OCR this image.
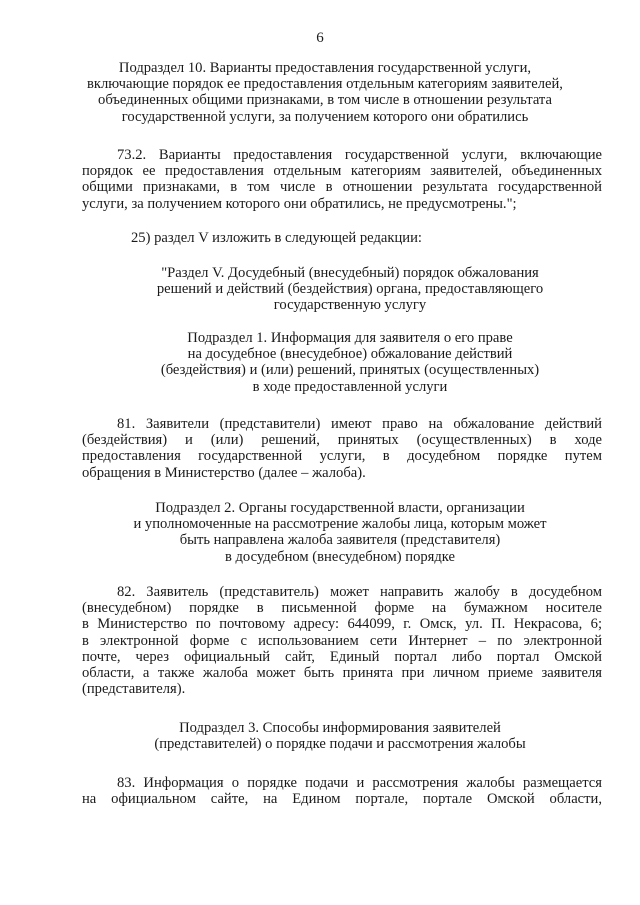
6
Подраздел 10. Варианты предоставления государственной услуги,
включающие порядок ее предоставления отдельным категориям заявителей,
объединенных общими признаками, в том числе в отношении результата
государственной услуги, за получением которого они обратились
73.2. Варианты предоставления государственной услуги, включающие
порядок ее предоставления отдельным категориям заявителей, объединенных
общими признаками, в том числе в отношении результата государственной
услуги, за получением которого они обратились, не предусмотрены.";
25) раздел V изложить в следующей редакции:
"Раздел V. Досудебный (внесудебный) порядок обжалования
решений и действий (бездействия) органа, предоставляющего
государственную услугу
Подраздел 1. Информация для заявителя о его праве
на досудебное (внесудебное) обжалование действий
(бездействия) и (или) решений, принятых (осуществленных)
в ходе предоставленной услуги
81. Заявители (представители) имеют право на обжалование действий
(бездействия) и (или) решений, принятых (осуществленных) в ходе
предоставления государственной услуги, в досудебном порядке путем
обращения в Министерство (далее – жалоба).
Подраздел 2. Органы государственной власти, организации
и уполномоченные на рассмотрение жалобы лица, которым может
быть направлена жалоба заявителя (представителя)
в досудебном (внесудебном) порядке
82. Заявитель (представитель) может направить жалобу в досудебном
(внесудебном) порядке в письменной форме на бумажном носителе
в Министерство по почтовому адресу: 644099, г. Омск, ул. П. Некрасова, 6;
в электронной форме с использованием сети Интернет – по электронной
почте, через официальный сайт, Единый портал либо портал Омской
области, а также жалоба может быть принята при личном приеме заявителя
(представителя).
Подраздел 3. Способы информирования заявителей
(представителей) о порядке подачи и рассмотрения жалобы
83. Информация о порядке подачи и рассмотрения жалобы размещается
на официальном сайте, на Едином портале, портале Омской области,
